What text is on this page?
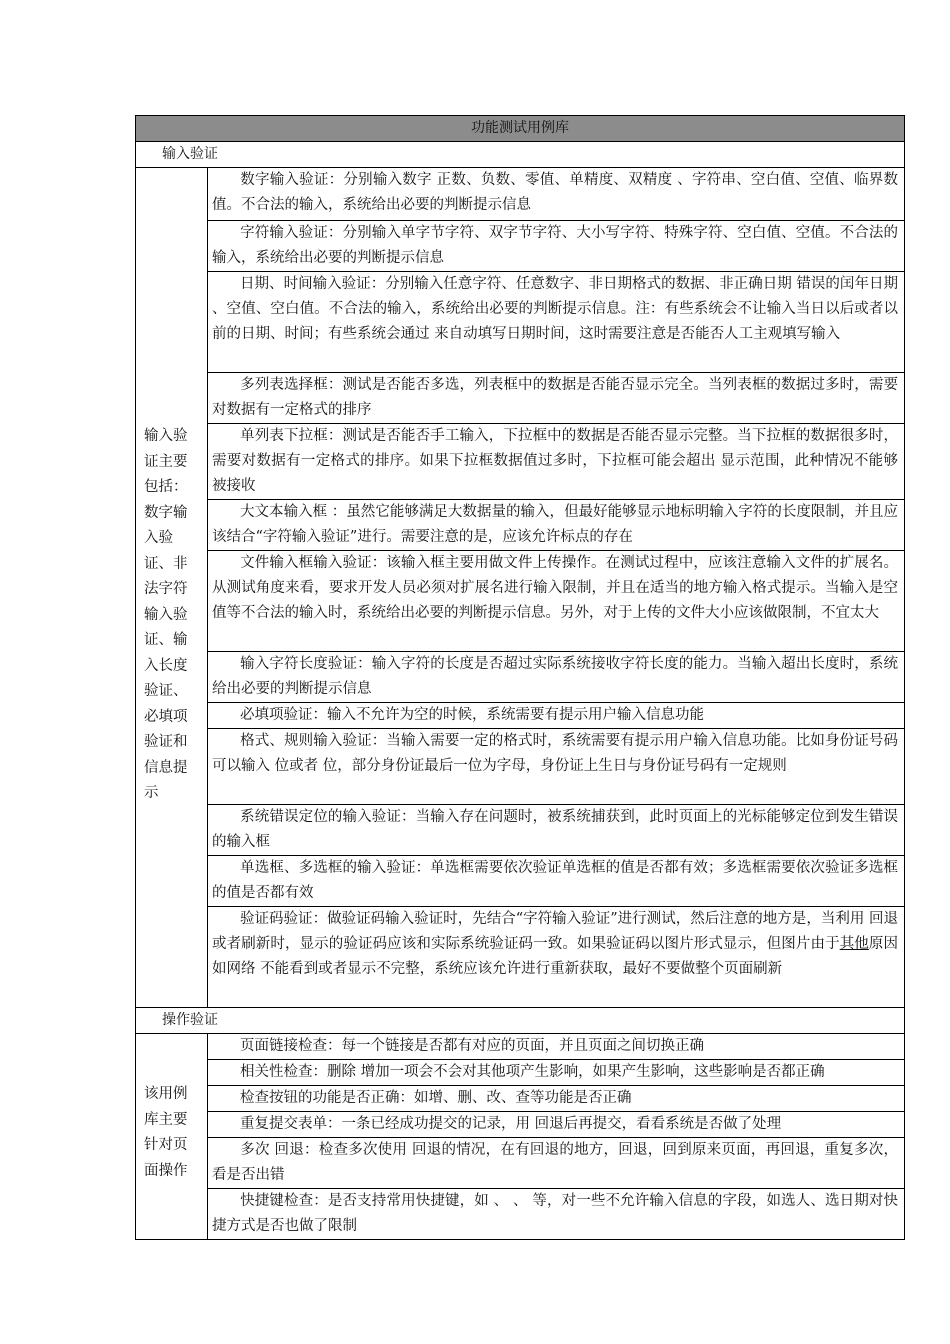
功能测试用例库	
输入验证	
输入验证主要包括：数字输入验证、非法字符输入验证、输入长度验证、必填项验证和信息提示	数字输入验证：分别输入数字 正数、负数、零值、单精度、双精度 、字符串、空白值、空值、临界数值。不合法的输入，系统给出必要的判断提示信息
	字符输入验证：分别输入单字节字符、双字节字符、大小写字符、特殊字符、空白值、空值。不合法的输入，系统给出必要的判断提示信息
	日期、时间输入验证：分别输入任意字符、任意数字、非日期格式的数据、非正确日期 错误的闰年日期 、空值、空白值。不合法的输入，系统给出必要的判断提示信息。注：有些系统会不让输入当日以后或者以前的日期、时间；有些系统会通过 来自动填写日期时间，这时需要注意是否能否人工主观填写输入
	多列表选择框：测试是否能否多选，列表框中的数据是否能否显示完全。当列表框的数据过多时，需要对数据有一定格式的排序
	单列表下拉框：测试是否能否手工输入，下拉框中的数据是否能否显示完整。当下拉框的数据很多时，需要对数据有一定格式的排序。如果下拉框数据值过多时，下拉框可能会超出 显示范围，此种情况不能够被接收
	大文本输入框 ：虽然它能够满足大数据量的输入，但最好能够显示地标明输入字符的长度限制，并且应该结合“字符输入验证”进行。需要注意的是，应该允许标点的存在
	文件输入框输入验证：该输入框主要用做文件上传操作。在测试过程中，应该注意输入文件的扩展名。从测试角度来看，要求开发人员必须对扩展名进行输入限制，并且在适当的地方输入格式提示。当输入是空值等不合法的输入时，系统给出必要的判断提示信息。另外，对于上传的文件大小应该做限制，不宜太大
	输入字符长度验证：输入字符的长度是否超过实际系统接收字符长度的能力。当输入超出长度时，系统给出必要的判断提示信息
	必填项验证：输入不允许为空的时候，系统需要有提示用户输入信息功能
	格式、规则输入验证：当输入需要一定的格式时，系统需要有提示用户输入信息功能。比如身份证号码可以输入 位或者 位，部分身份证最后一位为字母，身份证上生日与身份证号码有一定规则
	系统错误定位的输入验证：当输入存在问题时，被系统捕获到，此时页面上的光标能够定位到发生错误的输入框
	单选框、多选框的输入验证：单选框需要依次验证单选框的值是否都有效；多选框需要依次验证多选框的值是否都有效
	验证码验证：做验证码输入验证时，先结合“字符输入验证”进行测试，然后注意的地方是，当利用 回退或者刷新时，显示的验证码应该和实际系统验证码一致。如果验证码以图片形式显示，但图片由于其他原因 如网络 不能看到或者显示不完整，系统应该允许进行重新获取，最好不要做整个页面刷新
操作验证	
该用例库主要针对页面操作	页面链接检查：每一个链接是否都有对应的页面，并且页面之间切换正确
	相关性检查：删除 增加一项会不会对其他项产生影响，如果产生影响，这些影响是否都正确
	检查按钮的功能是否正确：如增、删、改、查等功能是否正确
	重复提交表单：一条已经成功提交的记录，用 回退后再提交，看看系统是否做了处理
	多次 回退：检查多次使用 回退的情况，在有回退的地方，回退，回到原来页面，再回退，重复多次，看是否出错
	快捷键检查：是否支持常用快捷键，如 、 、 等，对一些不允许输入信息的字段，如选人、选日期对快捷方式是否也做了限制
